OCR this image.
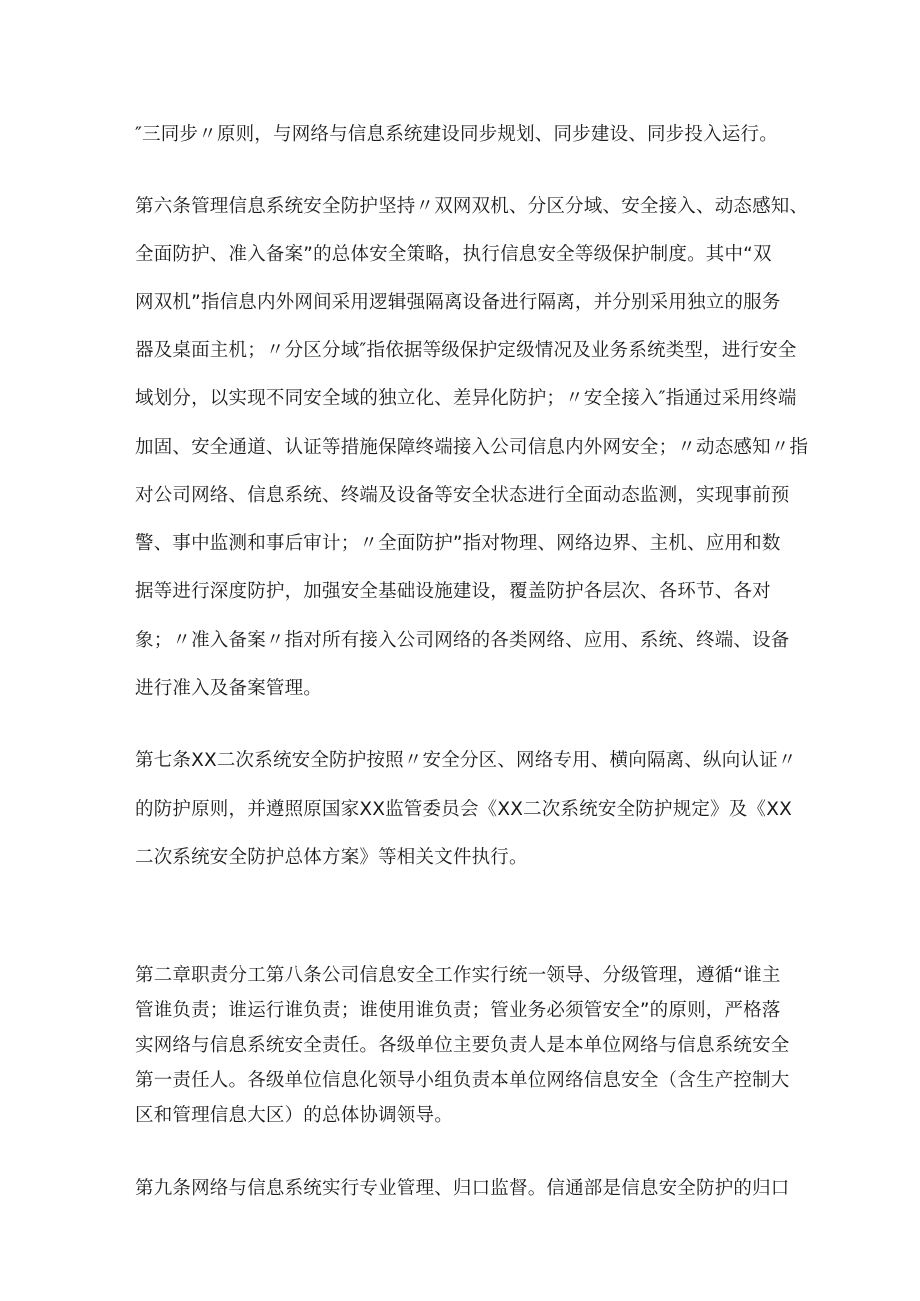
″三同步〃原则，与网络与信息系统建设同步规划、同步建设、同步投入运行。
第六条管理信息系统安全防护坚持〃双网双机、分区分域、安全接入、动态感知、
全面防护、准入备案”的总体安全策略，执行信息安全等级保护制度。其中“双
网双机”指信息内外网间采用逻辑强隔离设备进行隔离，并分别采用独立的服务
器及桌面主机；〃分区分域″指依据等级保护定级情况及业务系统类型，进行安全
域划分，以实现不同安全域的独立化、差异化防护；〃安全接入″指通过采用终端
加固、安全通道、认证等措施保障终端接入公司信息内外网安全；〃动态感知〃指
对公司网络、信息系统、终端及设备等安全状态进行全面动态监测，实现事前预
警、事中监测和事后审计；〃全面防护”指对物理、网络边界、主机、应用和数
据等进行深度防护，加强安全基础设施建设，覆盖防护各层次、各环节、各对
象；〃准入备案〃指对所有接入公司网络的各类网络、应用、系统、终端、设备
进行准入及备案管理。
第七条XX二次系统安全防护按照〃安全分区、网络专用、横向隔离、纵向认证〃
的防护原则，并遵照原国家XX监管委员会《XX二次系统安全防护规定》及《XX
二次系统安全防护总体方案》等相关文件执行。
第二章职责分工第八条公司信息安全工作实行统一领导、分级管理，遵循“谁主
管谁负责；谁运行谁负责；谁使用谁负责；管业务必须管安全”的原则，严格落
实网络与信息系统安全责任。各级单位主要负责人是本单位网络与信息系统安全
第一责任人。各级单位信息化领导小组负责本单位网络信息安全（含生产控制大
区和管理信息大区）的总体协调领导。
第九条网络与信息系统实行专业管理、归口监督。信通部是信息安全防护的归口
